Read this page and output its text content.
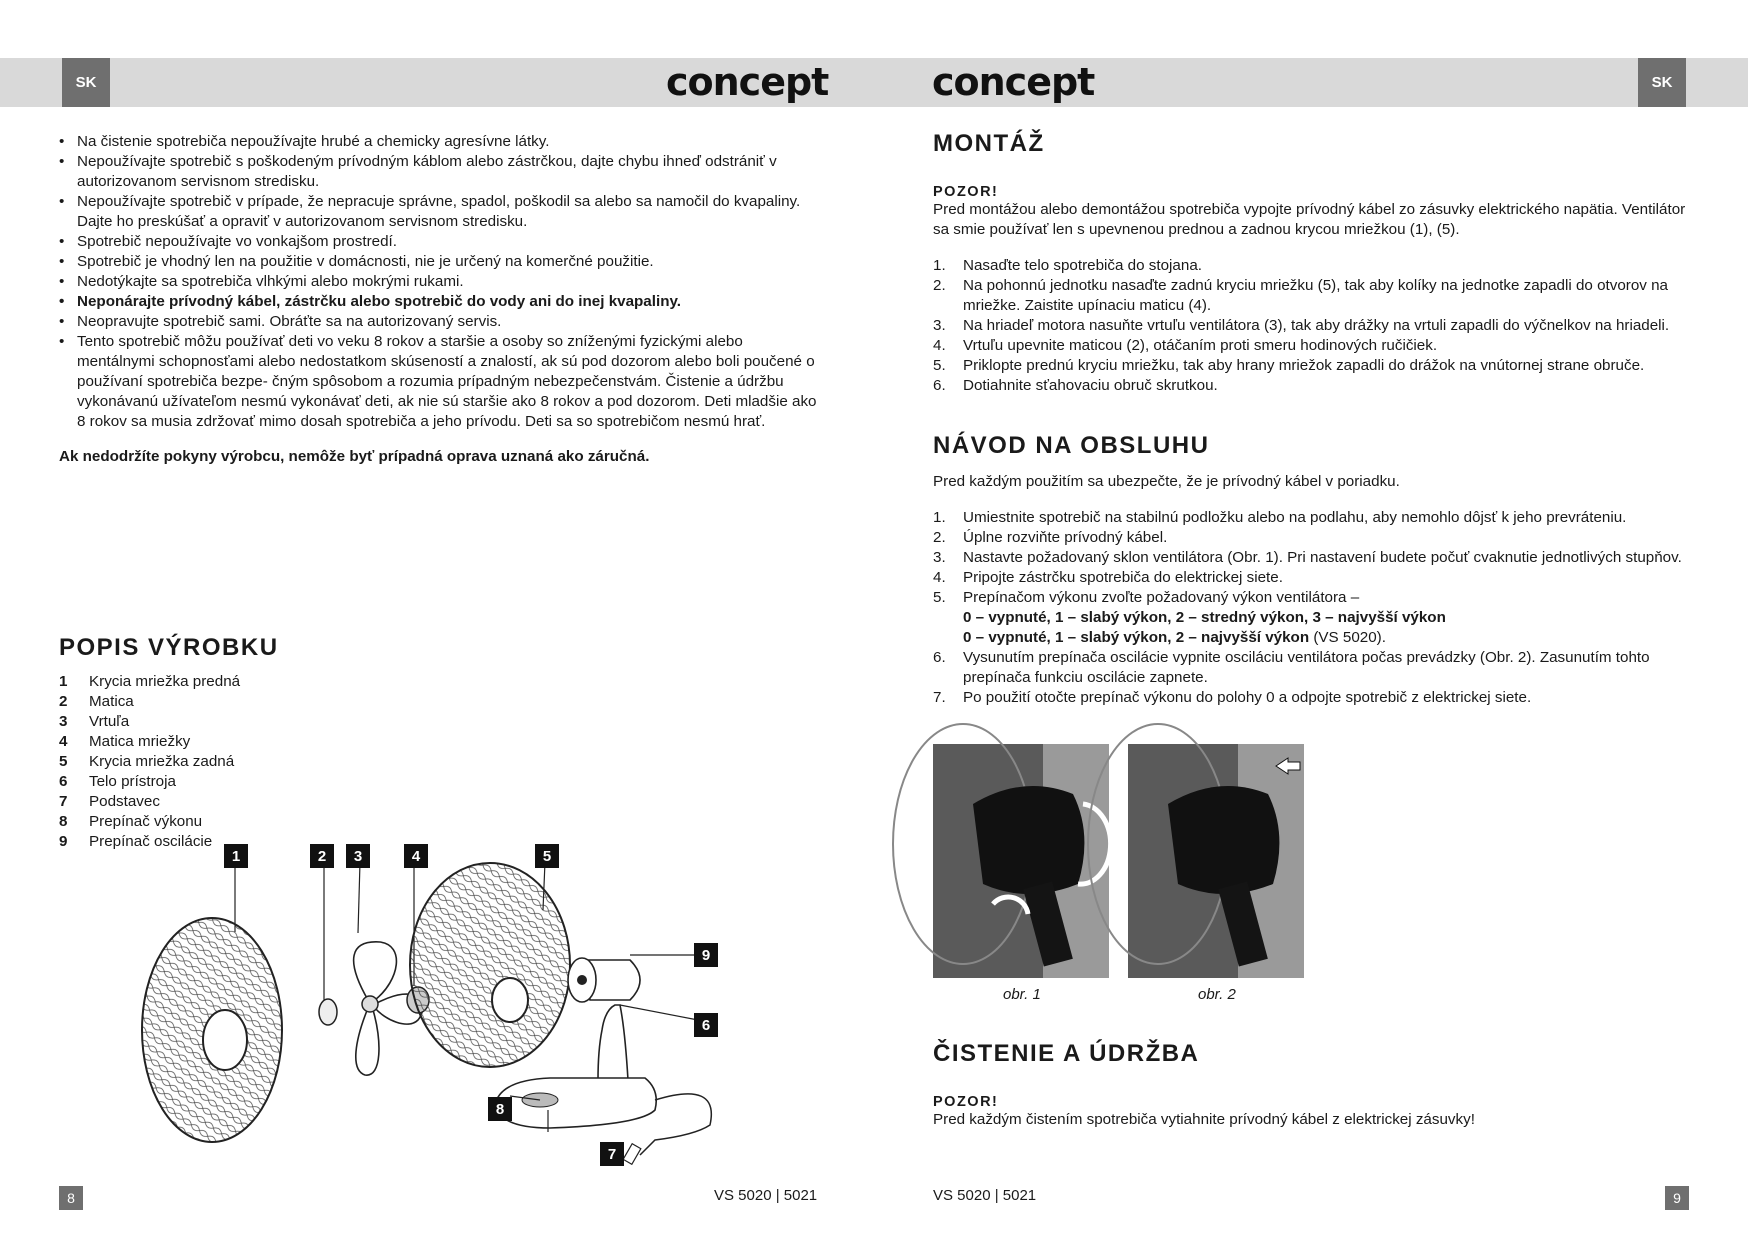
SK	SK
concept	concept
• Na čistenie spotrebiča nepoužívajte hrubé a chemicky agresívne látky.
• Nepoužívajte spotrebič s poškodeným prívodným káblom alebo zástrčkou, dajte chybu ihneď odstrániť v autorizovanom servisnom stredisku.
• Nepoužívajte spotrebič v prípade, že nepracuje správne, spadol, poškodil sa alebo sa namočil do kvapaliny. Dajte ho preskúšať a opraviť v autorizovanom servisnom stredisku.
• Spotrebič nepoužívajte vo vonkajšom prostredí.
• Spotrebič je vhodný len na použitie v domácnosti, nie je určený na komerčné použitie.
• Nedotýkajte sa spotrebiča vlhkými alebo mokrými rukami.
• Neponárajte prívodný kábel, zástrčku alebo spotrebič do vody ani do inej kvapaliny.
• Neopravujte spotrebič sami. Obráťte sa na autorizovaný servis.
• Tento spotrebič môžu používať deti vo veku 8 rokov a staršie a osoby so zníženými fyzickými alebo mentálnymi schopnosťami alebo nedostatkom skúseností a znalostí, ak sú pod dozorom alebo boli poučené o používaní spotrebiča bezpe- čným spôsobom a rozumia prípadným nebezpečenstvám. Čistenie a údržbu vykonávanú užívateľom nesmú vykonávať deti, ak nie sú staršie ako 8 rokov a pod dozorom. Deti mladšie ako 8 rokov sa musia zdržovať mimo dosah spotrebiča a jeho prívodu. Deti sa so spotrebičom nesmú hrať.
Ak nedodržíte pokyny výrobcu, nemôže byť prípadná oprava uznaná ako záručná.
POPIS VÝROBKU
1	Krycia mriežka predná
2	Matica
3	Vrtuľa
4	Matica mriežky
5	Krycia mriežka zadná
6	Telo prístroja
7	Podstavec
8	Prepínač výkonu
9	Prepínač oscilácie
1	2 3	4	5
9
6
8
7
8	VS 5020 | 5021	VS 5020 | 5021	9
MONTÁŽ
POZOR!

Pred montážou alebo demontážou spotrebiča vypojte prívodný kábel zo zásuvky elektrického napätia. Ventilátor sa smie používať len s upevnenou prednou a zadnou krycou mriežkou (1), (5).

1. Nasaďte telo spotrebiča do stojana.
2. Na pohonnú jednotku nasaďte zadnú kryciu mriežku (5), tak aby kolíky na jednotke zapadli do otvorov na mriežke. Zaistite upínaciu maticu (4).
3. Na hriadeľ motora nasuňte vrtuľu ventilátora (3), tak aby drážky na vrtuli zapadli do výčnelkov na hriadeli.
4. Vrtuľu upevnite maticou (2), otáčaním proti smeru hodinových ručičiek.
5. Priklopte prednú kryciu mriežku, tak aby hrany mriežok zapadli do drážok na vnútornej strane obruče.
6. Dotiahnite sťahovaciu obruč skrutkou.
NÁVOD NA OBSLUHU

Pred každým použitím sa ubezpečte, že je prívodný kábel v poriadku.

1. Umiestnite spotrebič na stabilnú podložku alebo na podlahu, aby nemohlo dôjsť k jeho prevráteniu.
2. Úplne rozviňte prívodný kábel.
3. Nastavte požadovaný sklon ventilátora (Obr. 1). Pri nastavení budete počuť cvaknutie jednotlivých stupňov.
4. Pripojte zástrčku spotrebiča do elektrickej siete.
5. Prepínačom výkonu zvoľte požadovaný výkon ventilátora –
0 – vypnuté, 1 – slabý výkon, 2 – stredný výkon, 3 – najvyšší výkon
0 – vypnuté, 1 – slabý výkon, 2 – najvyšší výkon (VS 5020).
6. Vysunutím prepínača oscilácie vypnite osciláciu ventilátora počas prevádzky (Obr. 2). Zasunutím tohto prepínača funkciu oscilácie zapnete.
7. Po použití otočte prepínač výkonu do polohy 0 a odpojte spotrebič z elektrickej siete.
obr. 1	obr. 2
ČISTENIE A ÚDRŽBA
POZOR!

Pred každým čistením spotrebiča vytiahnite prívodný kábel z elektrickej zásuvky!
